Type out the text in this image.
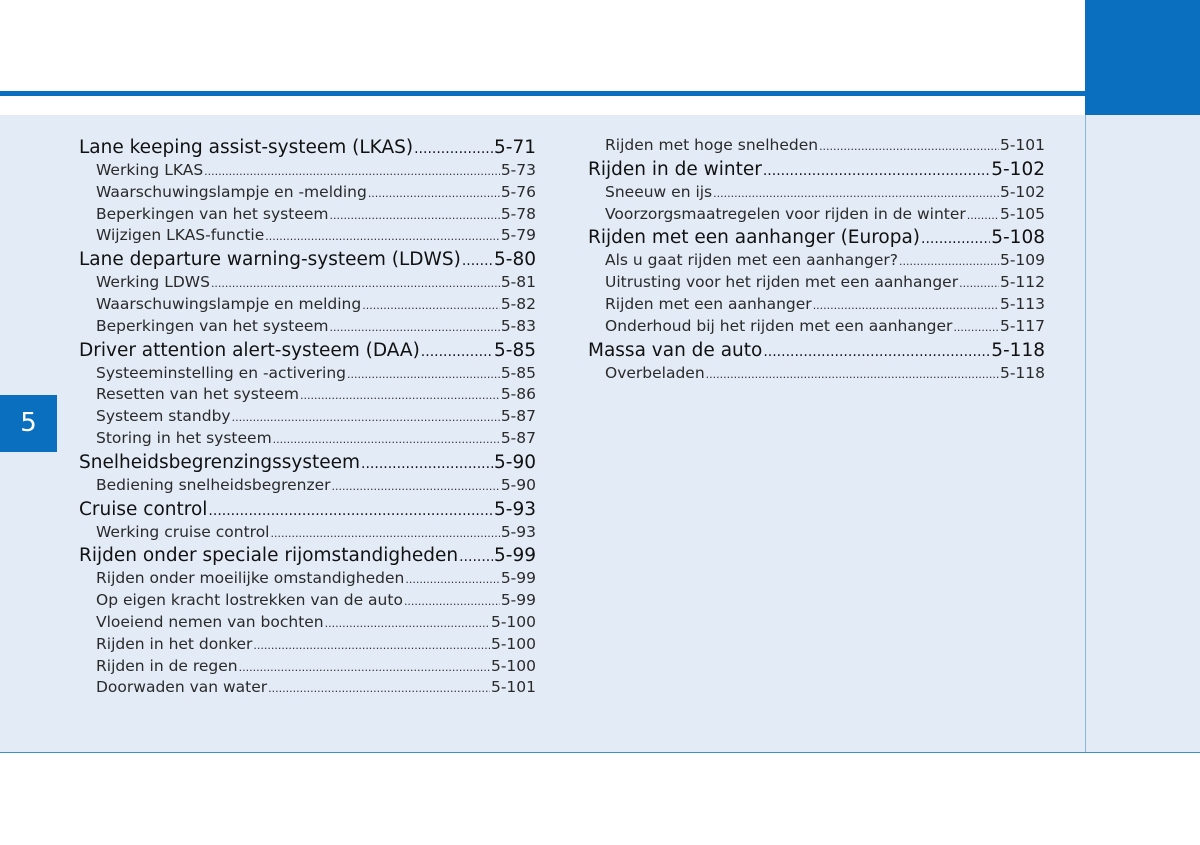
5
Lane keeping assist-systeem (LKAS) .....	5-71
Werking LKAS .....	5-73
Waarschuwingslampje en -melding .....	5-76
Beperkingen van het systeem .....	5-78
Wijzigen LKAS-functie .....	5-79
Lane departure warning-systeem (LDWS) ..... 5-80
Werking LDWS .....	5-81
Waarschuwingslampje en melding .....	5-82
Beperkingen van het systeem .....	5-83
Driver attention alert-systeem (DAA) .....	5-85
Systeeminstelling en -activering .....	5-85
Resetten van het systeem .....	5-86
Systeem standby .....	5-87
Storing in het systeem .....	5-87
Snelheidsbegrenzingssysteem .....	5-90
Bediening snelheidsbegrenzer .....	5-90
Cruise control .....	5-93
Werking cruise control .....	5-93
Rijden onder speciale rijomstandigheden ..... 5-99
Rijden onder moeilijke omstandigheden .....	5-99
Op eigen kracht lostrekken van de auto .....	5-99
Vloeiend nemen van bochten .....	5-100
Rijden in het donker .....	5-100
Rijden in de regen .....	5-100
Doorwaden van water .....	5-101
Rijden met hoge snelheden .....	5-101
Rijden in de winter .....	5-102
Sneeuw en ijs .....	5-102
Voorzorgsmaatregelen voor rijden in de winter ..... 5-105
Rijden met een aanhanger (Europa) .....	5-108
Als u gaat rijden met een aanhanger? .....	5-109
Uitrusting voor het rijden met een aanhanger .....	5-112
Rijden met een aanhanger .....	5-113
Onderhoud bij het rijden met een aanhanger .....	5-117
Massa van de auto .....	5-118
Overbeladen .....	5-118
